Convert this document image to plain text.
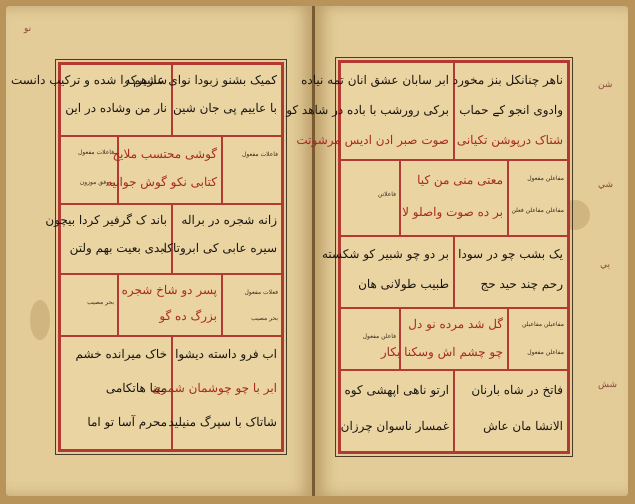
سازهم را شده و ترکیب دانست
نار من وشاده در این
کمیک بشنو زبودا نوای عشیرکه
با عاییم پی جان شین
فاعلات مفعول
بروفق موزون
گوشی محتسب ملایح
کتابی نکو گوش جوانیه
فاعلات مفعول
باند ک گرفیر کردا بیچون
ابدی بعیت بهم ولتن
زانه شجره در براله
سیره عابی کی ابروتاک
بحر مصیب
پسر دو شاخ شجره
بزرگ ده گو
فعلات مفعول
بحر مصیب
خاک میرانده خشم
مینا هاتکامی
محرم آسا تو اما
اب فرو داسته دیشوا
ابر با چو چوشمان شمری
شاتاک با سپرگ منیلید
ابر سابان عشق انان تمه نیاده
برکی رورشب با باده در شاهد کو
صوت صبر ادن ادیس مرشوتت
ناهر چنانکل بنز مخورد
وادوی انجو کے حماب
شتاک درپوشن تکیانی
فاعلاتن
معتی منی من کیا
بر ده صوت واصلو لا
مفاعلن مفعول
مفاعلن مفاعلن فعلن
بر دو چو شبیر کو شکسته
طبیب طولانی هان
یک بشب چو در سودا
رحم چند حید حج
فاعلن مفعول
گل شد مرده نو دل
چو چشم اش وسکنا بکار
مفاعیلن مفاعیلن
مفاعلن مفعول
ارتو ناهی اپهشی کوه
غمسار ناسوان چرزان
فاتخ در شاه بارنان
الانشا مان عاش
ﺷﻦ
ﺷﻲ
ﻳﻲ
ﺷﺶ
ﻧﻮ
